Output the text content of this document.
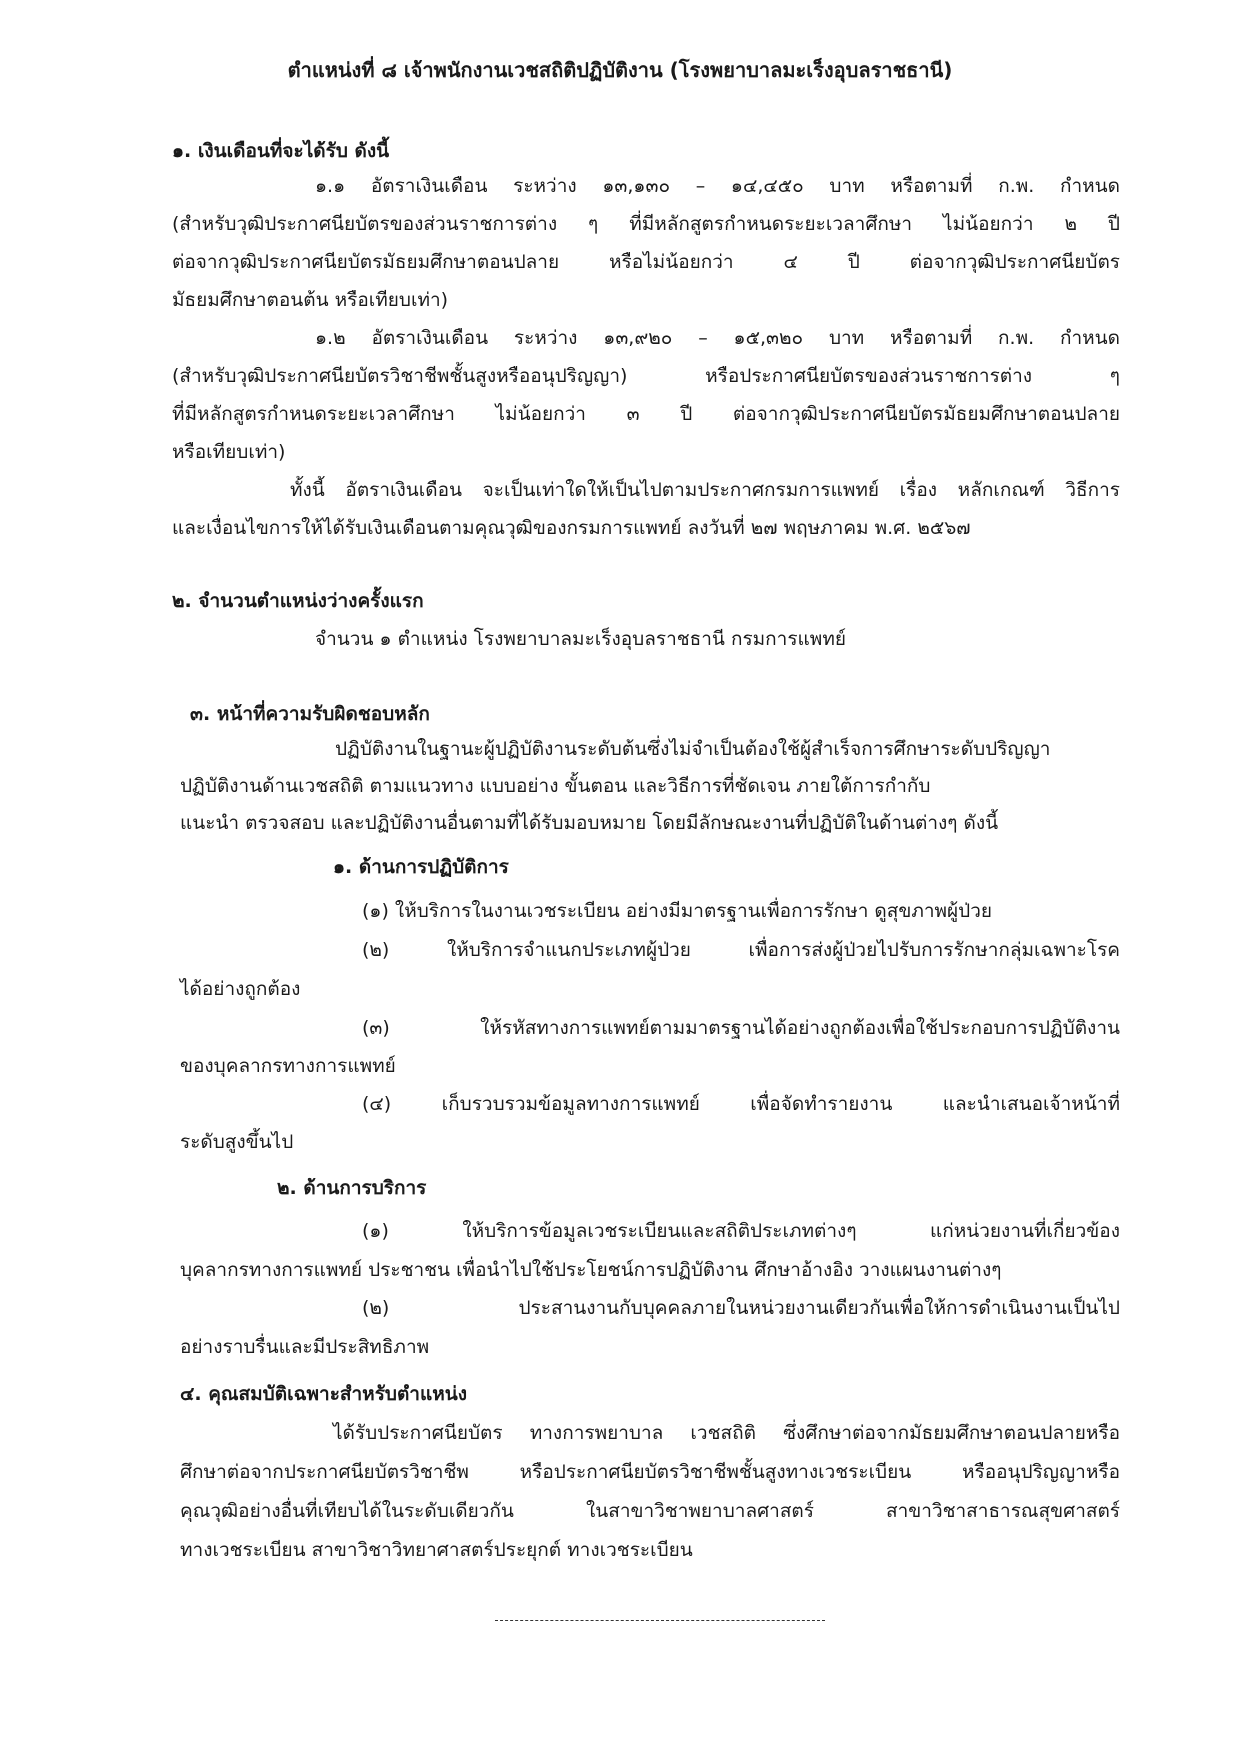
ตำแหน่งที่ ๘ เจ้าพนักงานเวชสถิติปฏิบัติงาน (โรงพยาบาลมะเร็งอุบลราชธานี)
๑. เงินเดือนที่จะได้รับ ดังนี้
๑.๑ อัตราเงินเดือน ระหว่าง ๑๓,๑๓๐ – ๑๔,๔๕๐ บาท หรือตามที่ ก.พ. กำหนด
(สำหรับวุฒิประกาศนียบัตรของส่วนราชการต่าง ๆ ที่มีหลักสูตรกำหนดระยะเวลาศึกษา ไม่น้อยกว่า ๒ ปี
ต่อจากวุฒิประกาศนียบัตรมัธยมศึกษาตอนปลาย หรือไม่น้อยกว่า ๔ ปี ต่อจากวุฒิประกาศนียบัตร
มัธยมศึกษาตอนต้น หรือเทียบเท่า)
๑.๒ อัตราเงินเดือน ระหว่าง ๑๓,๙๒๐ – ๑๕,๓๒๐ บาท หรือตามที่ ก.พ. กำหนด
(สำหรับวุฒิประกาศนียบัตรวิชาชีพชั้นสูงหรืออนุปริญญา) หรือประกาศนียบัตรของส่วนราชการต่าง ๆ
ที่มีหลักสูตรกำหนดระยะเวลาศึกษา ไม่น้อยกว่า ๓ ปี ต่อจากวุฒิประกาศนียบัตรมัธยมศึกษาตอนปลาย
หรือเทียบเท่า)
ทั้งนี้ อัตราเงินเดือน จะเป็นเท่าใดให้เป็นไปตามประกาศกรมการแพทย์ เรื่อง หลักเกณฑ์ วิธีการ
และเงื่อนไขการให้ได้รับเงินเดือนตามคุณวุฒิของกรมการแพทย์ ลงวันที่ ๒๗ พฤษภาคม พ.ศ. ๒๕๖๗
๒. จำนวนตำแหน่งว่างครั้งแรก
จำนวน ๑ ตำแหน่ง โรงพยาบาลมะเร็งอุบลราชธานี กรมการแพทย์
๓. หน้าที่ความรับผิดชอบหลัก
ปฏิบัติงานในฐานะผู้ปฏิบัติงานระดับต้นซึ่งไม่จำเป็นต้องใช้ผู้สำเร็จการศึกษาระดับปริญญา
ปฏิบัติงานด้านเวชสถิติ ตามแนวทาง แบบอย่าง ขั้นตอน และวิธีการที่ชัดเจน ภายใต้การกำกับ
แนะนำ ตรวจสอบ และปฏิบัติงานอื่นตามที่ได้รับมอบหมาย โดยมีลักษณะงานที่ปฏิบัติในด้านต่างๆ ดังนี้
๑. ด้านการปฏิบัติการ
(๑) ให้บริการในงานเวชระเบียน อย่างมีมาตรฐานเพื่อการรักษา ดูสุขภาพผู้ป่วย
(๒) ให้บริการจำแนกประเภทผู้ป่วย เพื่อการส่งผู้ป่วยไปรับการรักษากลุ่มเฉพาะโรค
ได้อย่างถูกต้อง
(๓) ให้รหัสทางการแพทย์ตามมาตรฐานได้อย่างถูกต้องเพื่อใช้ประกอบการปฏิบัติงาน
ของบุคลากรทางการแพทย์
(๔) เก็บรวบรวมข้อมูลทางการแพทย์ เพื่อจัดทำรายงาน และนำเสนอเจ้าหน้าที่
ระดับสูงขึ้นไป
๒. ด้านการบริการ
(๑) ให้บริการข้อมูลเวชระเบียนและสถิติประเภทต่างๆ แก่หน่วยงานที่เกี่ยวข้อง
บุคลากรทางการแพทย์ ประชาชน เพื่อนำไปใช้ประโยชน์การปฏิบัติงาน ศึกษาอ้างอิง วางแผนงานต่างๆ
(๒) ประสานงานกับบุคคลภายในหน่วยงานเดียวกันเพื่อให้การดำเนินงานเป็นไป
อย่างราบรื่นและมีประสิทธิภาพ
๔. คุณสมบัติเฉพาะสำหรับตำแหน่ง
ได้รับประกาศนียบัตร ทางการพยาบาล เวชสถิติ ซึ่งศึกษาต่อจากมัธยมศึกษาตอนปลายหรือ
ศึกษาต่อจากประกาศนียบัตรวิชาชีพ หรือประกาศนียบัตรวิชาชีพชั้นสูงทางเวชระเบียน หรืออนุปริญญาหรือ
คุณวุฒิอย่างอื่นที่เทียบได้ในระดับเดียวกัน ในสาขาวิชาพยาบาลศาสตร์ สาขาวิชาสาธารณสุขศาสตร์
ทางเวชระเบียน สาขาวิชาวิทยาศาสตร์ประยุกต์ ทางเวชระเบียน
